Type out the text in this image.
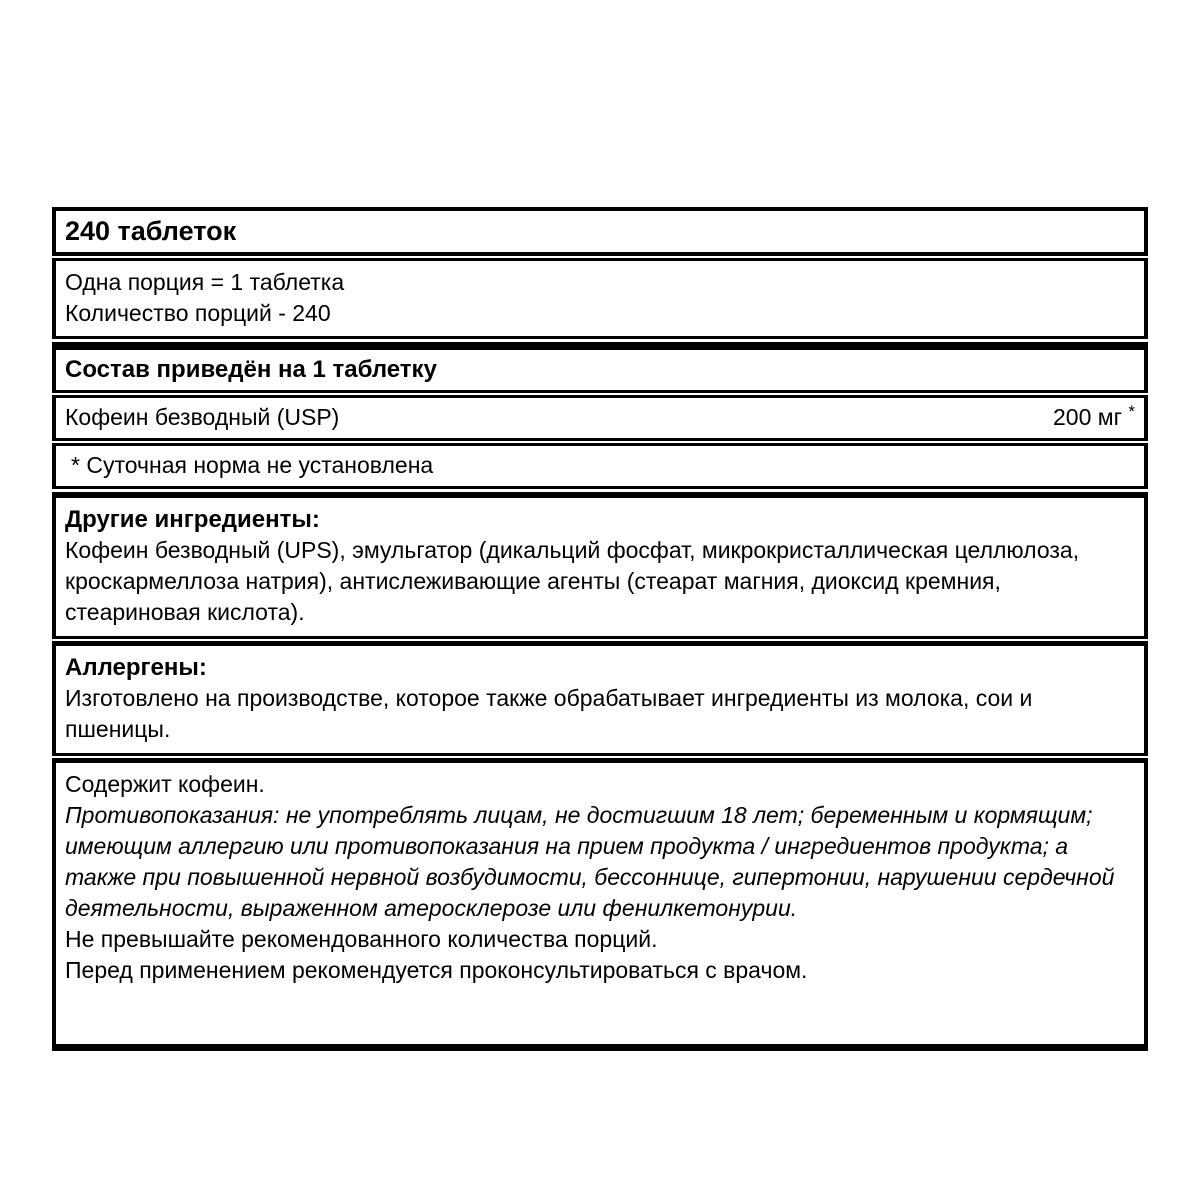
240 таблеток
Одна порция = 1 таблетка
Количество порций - 240
Состав приведён на 1 таблетку
Кофеин безводный (USP)	200 мг *
* Суточная норма не установлена
Другие ингредиенты:
Кофеин безводный (UPS), эмульгатор (дикальций фосфат, микрокристаллическая целлюлоза, кроскармеллоза натрия), антислеживающие агенты (стеарат магния, диоксид кремния, стеариновая кислота).
Аллергены:
Изготовлено на производстве, которое также обрабатывает ингредиенты из молока, сои и пшеницы.
Содержит кофеин.
Противопоказания: не употреблять лицам, не достигшим 18 лет; беременным и кормящим; имеющим аллергию или противопоказания на прием продукта / ингредиентов продукта; а также при повышенной нервной возбудимости, бессоннице, гипертонии, нарушении сердечной деятельности, выраженном атеросклерозе или фенилкетонурии.
Не превышайте рекомендованного количества порций.
Перед применением рекомендуется проконсультироваться с врачом.
